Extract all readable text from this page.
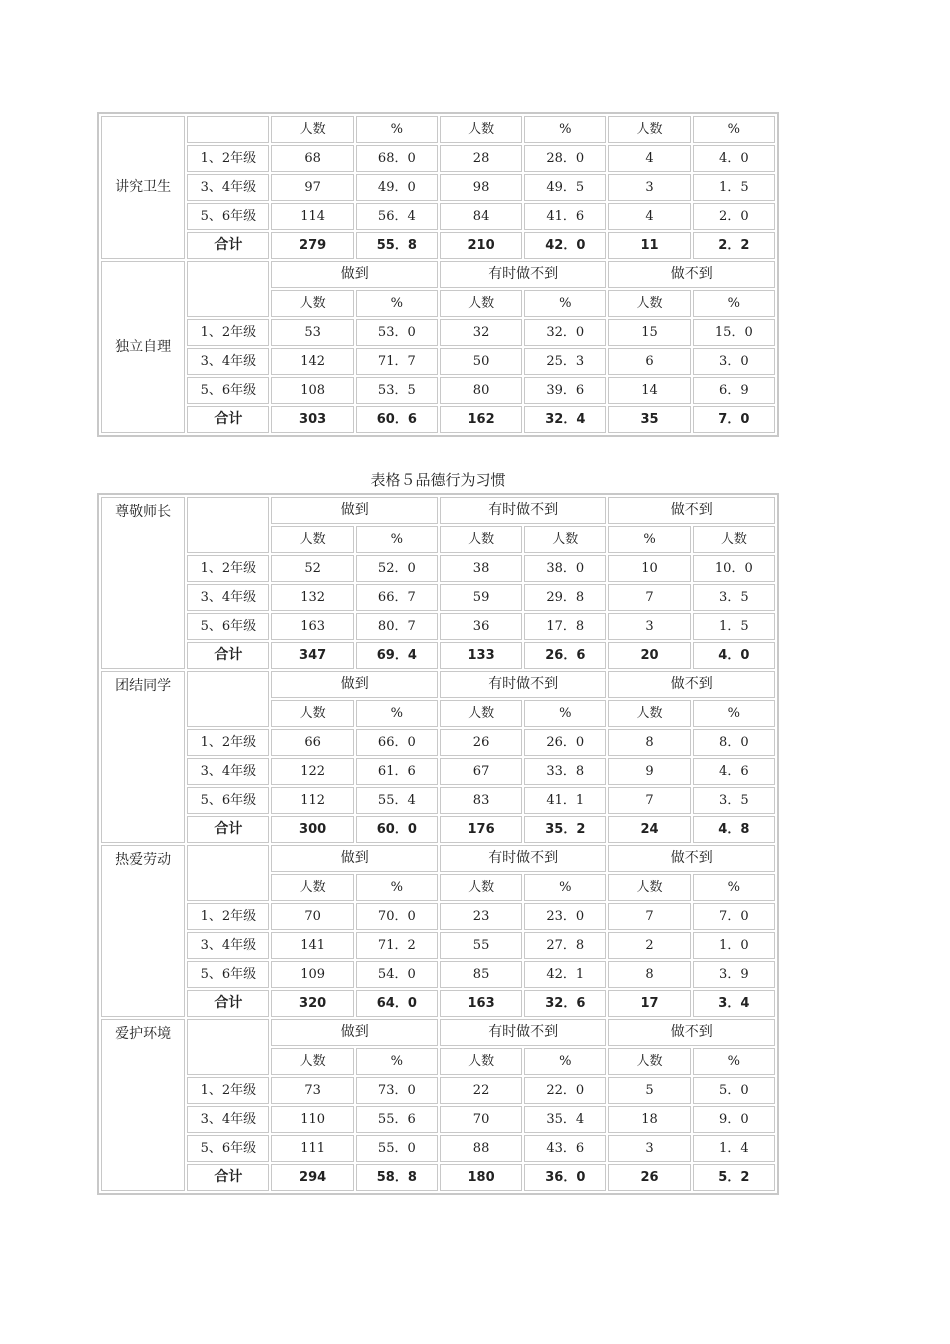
讲究卫生		人数	%	人数	%	人数	%
	1、2年级	68	68．0	28	28．0	4	4．0
	3、4年级	97	49．0	98	49．5	3	1．5
	5、6年级	114	56．4	84	41．6	4	2．0
	合计	279	55．8	210	42．0	11	2．2
独立自理		做到		有时做不到		做不到	
		人数	%	人数	%	人数	%
	1、2年级	53	53．0	32	32．0	15	15．0
	3、4年级	142	71．7	50	25．3	6	3．0
	5、6年级	108	53．5	80	39．6	14	6．9
	合计	303	60．6	162	32．4	35	7．0
表格５品德行为习惯
尊敬师长		做到		有时做不到		做不到	
		人数	%	人数	人数	%	人数
	1、2年级	52	52．0	38	38．0	10	10．0
	3、4年级	132	66．7	59	29．8	7	3．5
	5、6年级	163	80．7	36	17．8	3	1．5
	合计	347	69．4	133	26．6	20	4．0
团结同学		做到		有时做不到		做不到	
		人数	%	人数	%	人数	%
	1、2年级	66	66．0	26	26．0	8	8．0
	3、4年级	122	61．6	67	33．8	9	4．6
	5、6年级	112	55．4	83	41．1	7	3．5
	合计	300	60．0	176	35．2	24	4．8
热爱劳动		做到		有时做不到		做不到	
		人数	%	人数	%	人数	%
	1、2年级	70	70．0	23	23．0	7	7．0
	3、4年级	141	71．2	55	27．8	2	1．0
	5、6年级	109	54．0	85	42．1	8	3．9
	合计	320	64．0	163	32．6	17	3．4
爱护环境		做到		有时做不到		做不到	
		人数	%	人数	%	人数	%
	1、2年级	73	73．0	22	22．0	5	5．0
	3、4年级	110	55．6	70	35．4	18	9．0
	5、6年级	111	55．0	88	43．6	3	1．4
	合计	294	58．8	180	36．0	26	5．2
